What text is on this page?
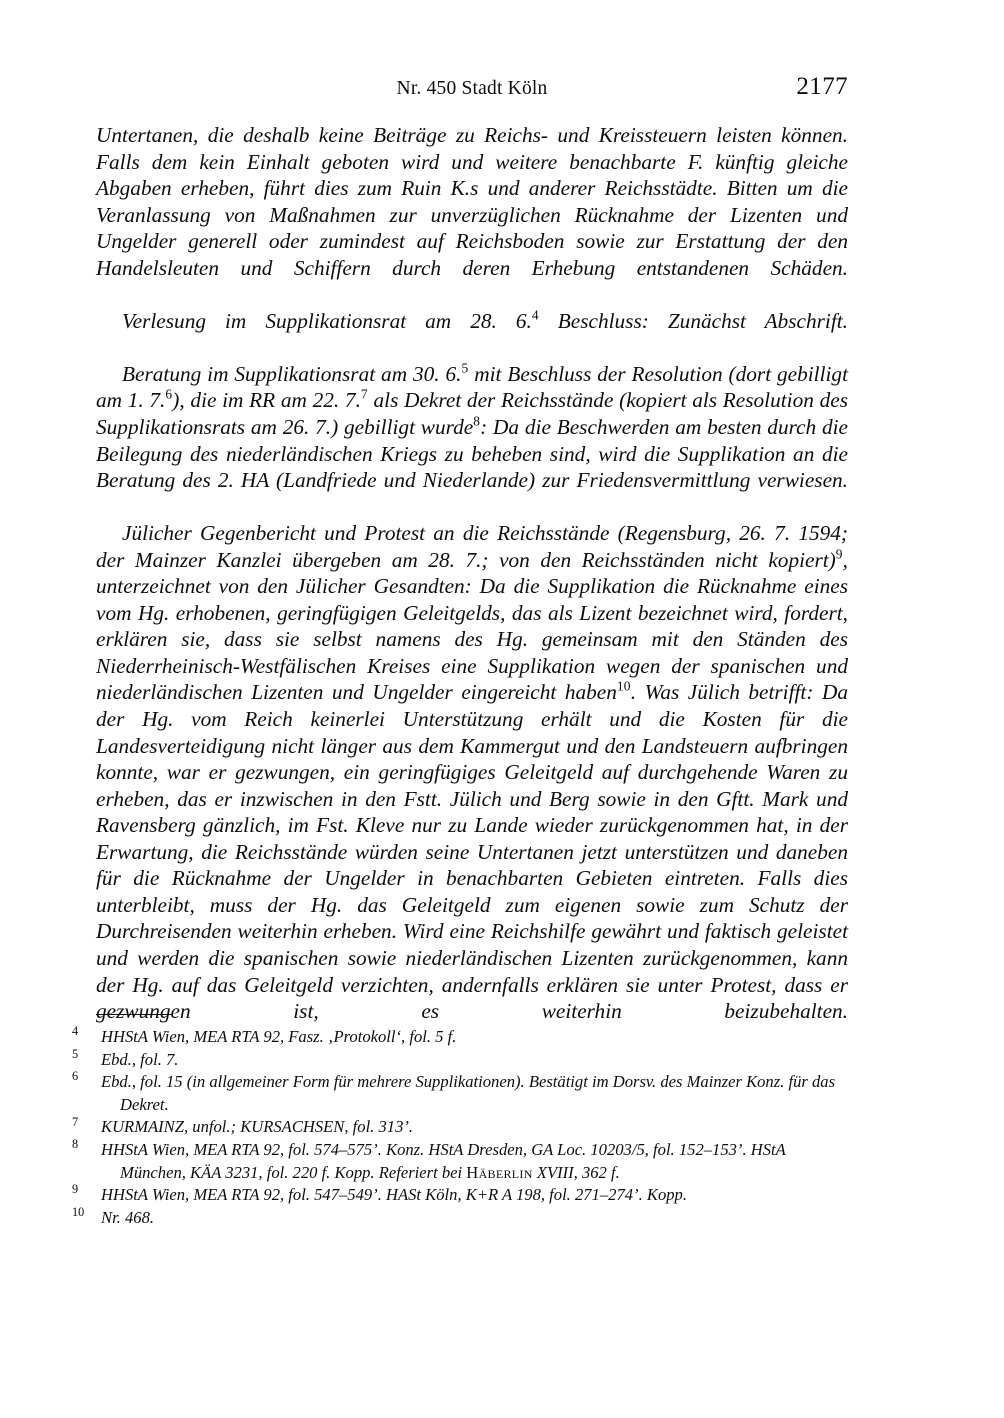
Nr. 450 Stadt Köln	2177

Untertanen, die deshalb keine Beiträge zu Reichs- und Kreissteuern leisten können. Falls dem kein Einhalt geboten wird und weitere benachbarte F. künftig gleiche Abgaben erheben, führt dies zum Ruin K.s und anderer Reichsstädte. Bitten um die Veranlassung von Maßnahmen zur unverzüglichen Rücknahme der Lizenten und Ungelder generell oder zumindest auf Reichsboden sowie zur Erstattung der den Handelsleuten und Schiffern durch deren Erhebung entstandenen Schäden.

Verlesung im Supplikationsrat am 28. 6.$^4$ Beschluss: Zunächst Abschrift.

Beratung im Supplikationsrat am 30. 6.$^5$ mit Beschluss der Resolution (dort gebilligt am 1. 7.$^6$), die im RR am 22. 7.$^7$ als Dekret der Reichsstände (kopiert als Resolution des Supplikationsrats am 26. 7.) gebilligt wurde$^8$: Da die Beschwerden am besten durch die Beilegung des niederländischen Kriegs zu beheben sind, wird die Supplikation an die Beratung des 2. HA (Landfriede und Niederlande) zur Friedensvermittlung verwiesen.

Jülicher Gegenbericht und Protest an die Reichsstände (Regensburg, 26. 7. 1594; der Mainzer Kanzlei übergeben am 28. 7.; von den Reichsständen nicht kopiert)$^9$, unterzeichnet von den Jülicher Gesandten: Da die Supplikation die Rücknahme eines vom Hg. erhobenen, geringfügigen Geleitgelds, das als Lizent bezeichnet wird, fordert, erklären sie, dass sie selbst namens des Hg. gemeinsam mit den Ständen des Niederrheinisch-Westfälischen Kreises eine Supplikation wegen der spanischen und niederländischen Lizenten und Ungelder eingereicht haben$^{10}$. Was Jülich betrifft: Da der Hg. vom Reich keinerlei Unterstützung erhält und die Kosten für die Landesverteidigung nicht länger aus dem Kammergut und den Landsteuern aufbringen konnte, war er gezwungen, ein geringfügiges Geleitgeld auf durchgehende Waren zu erheben, das er inzwischen in den Fstt. Jülich und Berg sowie in den Gftt. Mark und Ravensberg gänzlich, im Fst. Kleve nur zu Lande wieder zurückgenommen hat, in der Erwartung, die Reichsstände würden seine Untertanen jetzt unterstützen und daneben für die Rücknahme der Ungelder in benachbarten Gebieten eintreten. Falls dies unterbleibt, muss der Hg. das Geleitgeld zum eigenen sowie zum Schutz der Durchreisenden weiterhin erheben. Wird eine Reichshilfe gewährt und faktisch geleistet und werden die spanischen sowie niederländischen Lizenten zurückgenommen, kann der Hg. auf das Geleitgeld verzichten, andernfalls erklären sie unter Protest, dass er gezwungen ist, es weiterhin beizubehalten.

4 HHStA Wien, MEA RTA 92, Fasz. ‚Protokoll‘, fol. 5 f.

5 Ebd., fol. 7.

6 Ebd., fol. 15 (in allgemeiner Form für mehrere Supplikationen). Bestätigt im Dorsv. des Mainzer Konz. für das Dekret.

7 KURMAINZ, unfol.; KURSACHSEN, fol. 313’.

8 HHStA Wien, MEA RTA 92, fol. 574–575’. Konz. HStA Dresden, GA Loc. 10203/5, fol. 152–153’. HStA München, KÄA 3231, fol. 220 f. Kopp. Referiert bei Häberlin XVIII, 362 f.

9 HHStA Wien, MEA RTA 92, fol. 547–549’. HASt Köln, K+R A 198, fol. 271–274’. Kopp.

10 Nr. 468.
